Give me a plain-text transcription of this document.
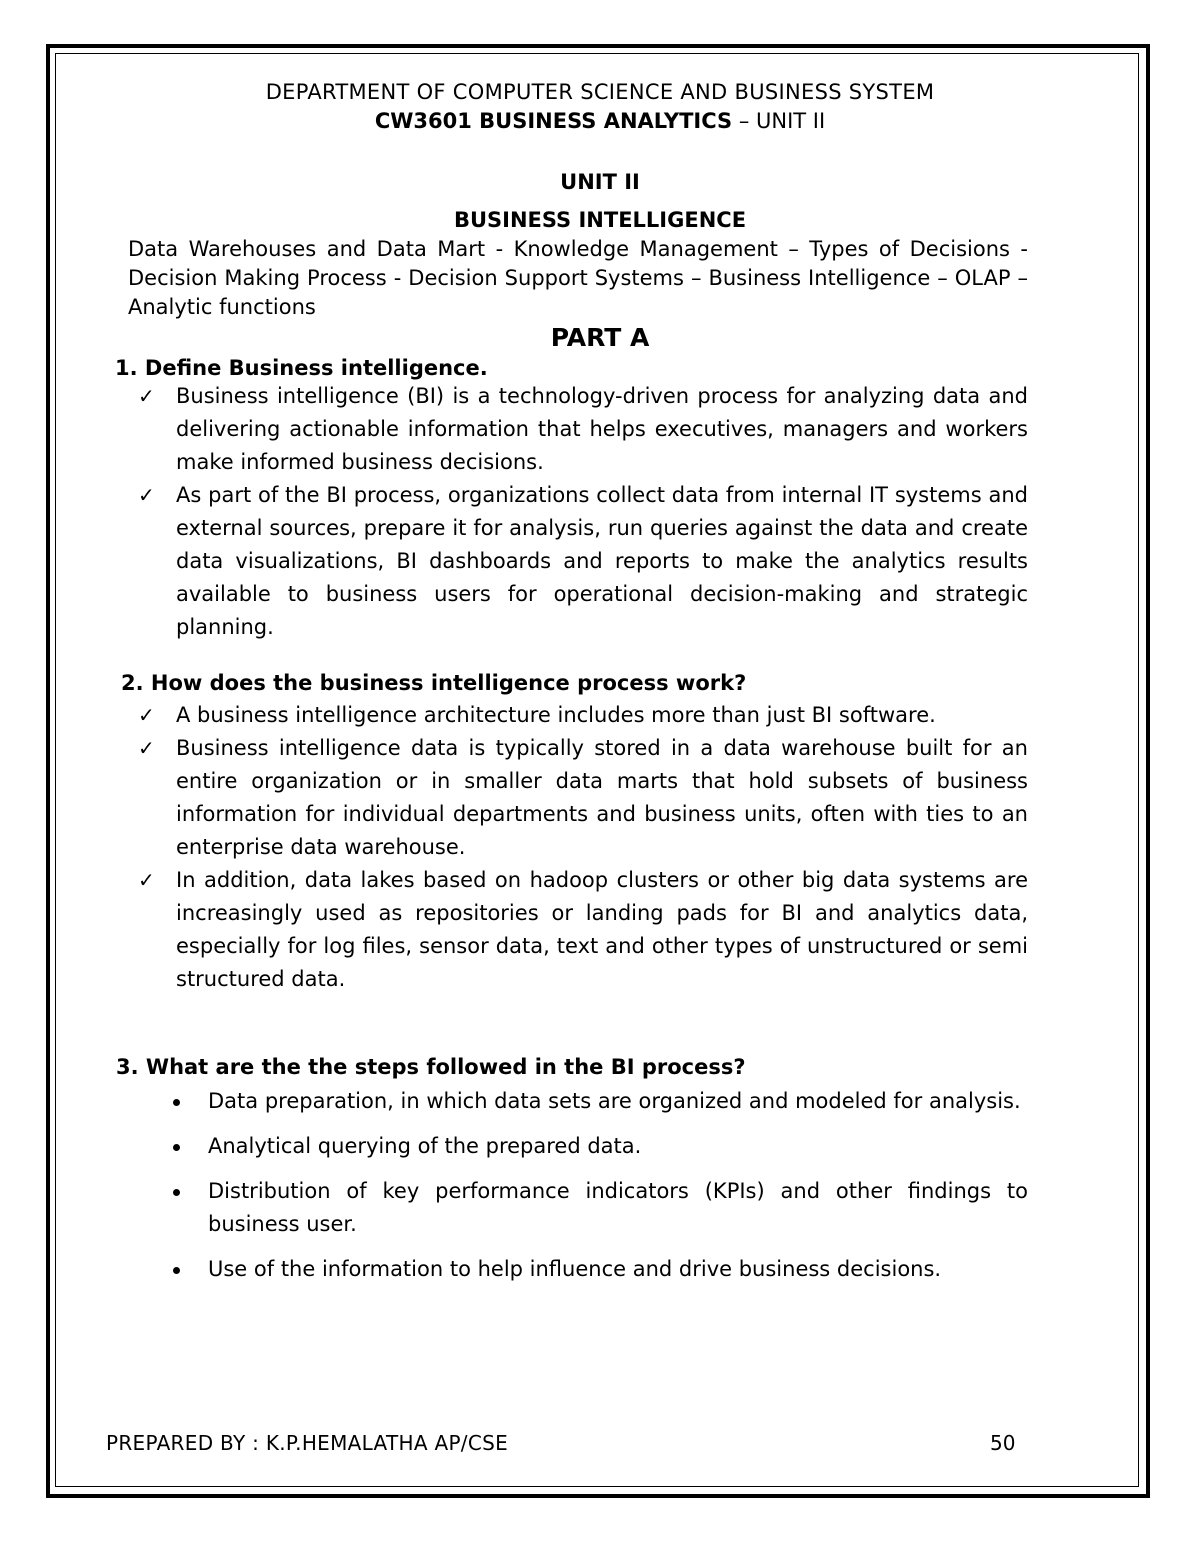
DEPARTMENT OF COMPUTER SCIENCE AND BUSINESS SYSTEM
CW3601 BUSINESS ANALYTICS – UNIT II
UNIT II
BUSINESS INTELLIGENCE
Data Warehouses and Data Mart - Knowledge Management – Types of Decisions - Decision Making Process - Decision Support Systems – Business Intelligence – OLAP – Analytic functions
PART A
1. Define Business intelligence.
✓ Business intelligence (BI) is a technology-driven process for analyzing data and delivering actionable information that helps executives, managers and workers make informed business decisions.
✓ As part of the BI process, organizations collect data from internal IT systems and external sources, prepare it for analysis, run queries against the data and create data visualizations, BI dashboards and reports to make the analytics results available to business users for operational decision-making and strategic planning.
2. How does the business intelligence process work?
✓ A business intelligence architecture includes more than just BI software.
✓ Business intelligence data is typically stored in a data warehouse built for an entire organization or in smaller data marts that hold subsets of business information for individual departments and business units, often with ties to an enterprise data warehouse.
✓ In addition, data lakes based on hadoop clusters or other big data systems are increasingly used as repositories or landing pads for BI and analytics data, especially for log files, sensor data, text and other types of unstructured or semi structured data.
3. What are the the steps followed in the BI process?
Data preparation, in which data sets are organized and modeled for analysis.
Analytical querying of the prepared data.
Distribution of key performance indicators (KPIs) and other findings to business user.
Use of the information to help influence and drive business decisions.
PREPARED BY : K.P.HEMALATHA AP/CSE	50
